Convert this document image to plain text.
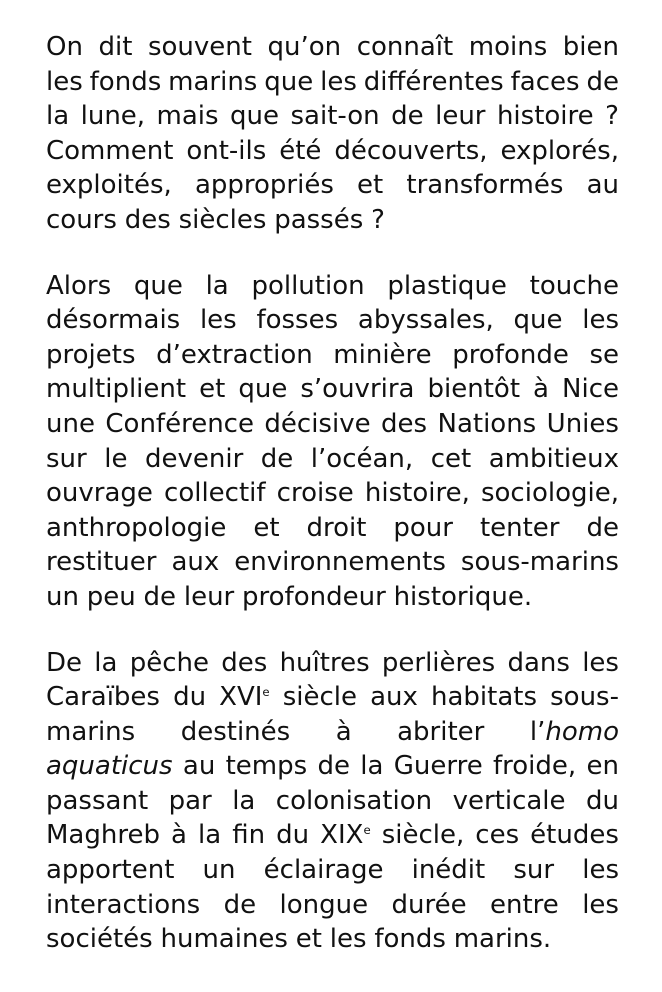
On dit souvent qu’on connaît moins bien
les fonds marins que les différentes faces de
la lune, mais que sait-on de leur histoire ?
Comment ont-ils été découverts, explorés,
exploités, appropriés et transformés au
cours des siècles passés ?
Alors que la pollution plastique touche
désormais les fosses abyssales, que les
projets d’extraction minière profonde se
multiplient et que s’ouvrira bientôt à Nice
une Conférence décisive des Nations Unies
sur le devenir de l’océan, cet ambitieux
ouvrage collectif croise histoire, sociologie,
anthropologie et droit pour tenter de
restituer aux environnements sous-marins
un peu de leur profondeur historique.
De la pêche des huîtres perlières dans les
Caraïbes du XVIe siècle aux habitats sous-
marins destinés à abriter l’homo
aquaticus au temps de la Guerre froide, en
passant par la colonisation verticale du
Maghreb à la fin du XIXe siècle, ces études
apportent un éclairage inédit sur les
interactions de longue durée entre les
sociétés humaines et les fonds marins.
